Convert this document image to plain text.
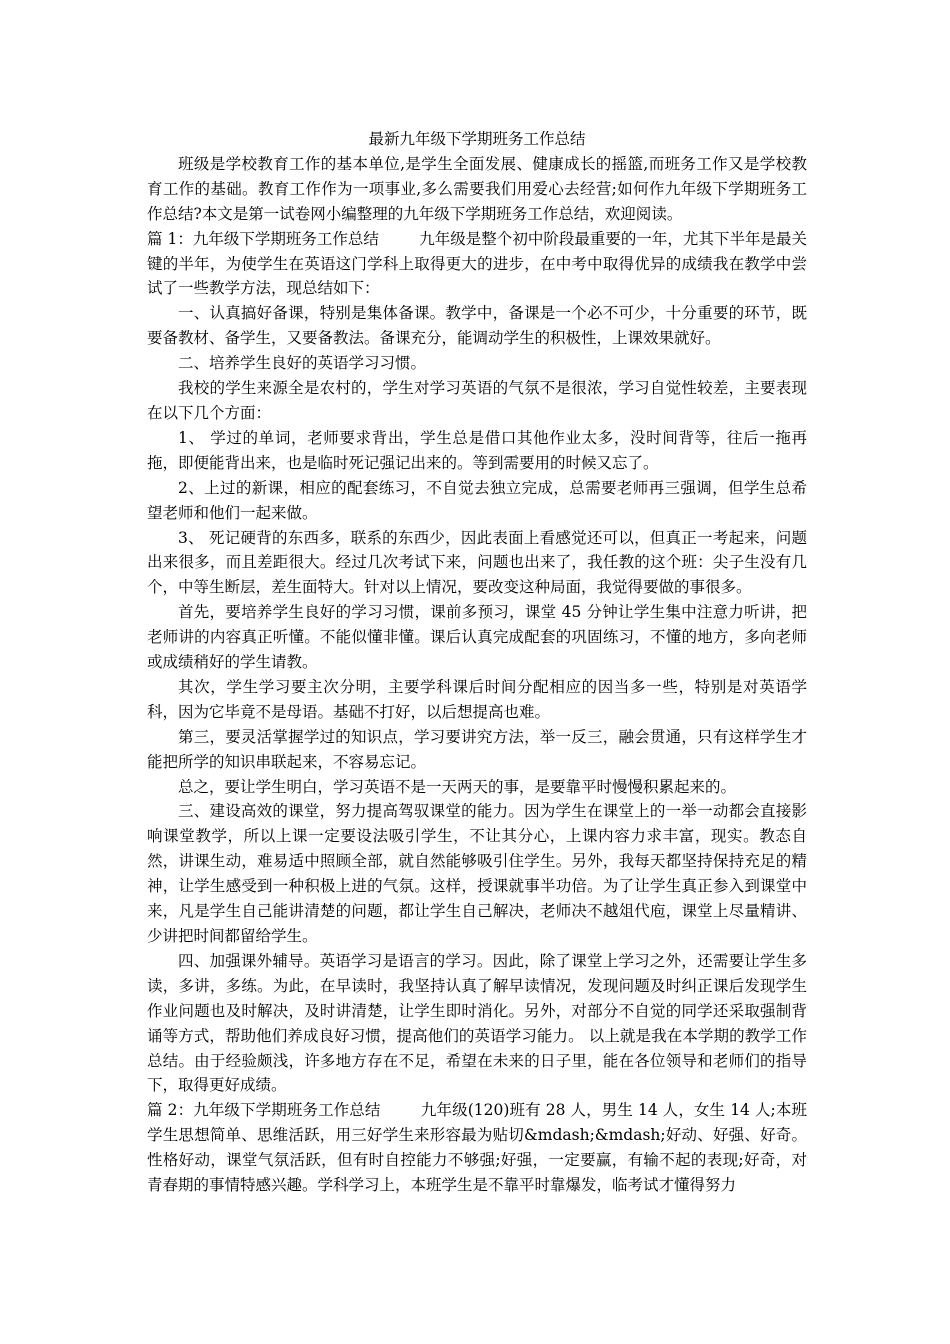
最新九年级下学期班务工作总结

班级是学校教育工作的基本单位,是学生全面发展、健康成长的摇篮,而班务工作又是学校教育工作的基础。教育工作作为一项事业,多么需要我们用爱心去经营;如何作九年级下学期班务工作总结?本文是第一试卷网小编整理的九年级下学期班务工作总结，欢迎阅读。

篇 1：九年级下学期班务工作总结	九年级是整个初中阶段最重要的一年，尤其下半年是最关键的半年，为使学生在英语这门学科上取得更大的进步，在中考中取得优异的成绩我在教学中尝试了一些教学方法，现总结如下：

一、认真搞好备课，特别是集体备课。教学中，备课是一个必不可少，十分重要的环节，既要备教材、备学生，又要备教法。备课充分，能调动学生的积极性，上课效果就好。

二、培养学生良好的英语学习习惯。

我校的学生来源全是农村的，学生对学习英语的气氛不是很浓，学习自觉性较差，主要表现在以下几个方面：

1、 学过的单词，老师要求背出，学生总是借口其他作业太多，没时间背等，往后一拖再拖，即便能背出来，也是临时死记强记出来的。等到需要用的时候又忘了。

2、上过的新课，相应的配套练习，不自觉去独立完成，总需要老师再三强调，但学生总希望老师和他们一起来做。

3、 死记硬背的东西多，联系的东西少，因此表面上看感觉还可以，但真正一考起来，问题出来很多，而且差距很大。经过几次考试下来，问题也出来了，我任教的这个班：尖子生没有几个，中等生断层，差生面特大。针对以上情况，要改变这种局面，我觉得要做的事很多。

首先，要培养学生良好的学习习惯，课前多预习，课堂 45 分钟让学生集中注意力听讲，把老师讲的内容真正听懂。不能似懂非懂。课后认真完成配套的巩固练习，不懂的地方，多向老师或成绩稍好的学生请教。

其次，学生学习要主次分明，主要学科课后时间分配相应的因当多一些，特别是对英语学科，因为它毕竟不是母语。基础不打好，以后想提高也难。

第三，要灵活掌握学过的知识点，学习要讲究方法，举一反三，融会贯通，只有这样学生才能把所学的知识串联起来，不容易忘记。

总之，要让学生明白，学习英语不是一天两天的事，是要靠平时慢慢积累起来的。

三、建设高效的课堂，努力提高驾驭课堂的能力。因为学生在课堂上的一举一动都会直接影响课堂教学，所以上课一定要设法吸引学生，不让其分心，上课内容力求丰富，现实。教态自然，讲课生动，难易适中照顾全部，就自然能够吸引住学生。另外，我每天都坚持保持充足的精神，让学生感受到一种积极上进的气氛。这样，授课就事半功倍。为了让学生真正参入到课堂中来，凡是学生自己能讲清楚的问题，都让学生自己解决，老师决不越俎代庖，课堂上尽量精讲、少讲把时间都留给学生。

四、加强课外辅导。英语学习是语言的学习。因此，除了课堂上学习之外，还需要让学生多读，多讲，多练。为此，在早读时，我坚持认真了解早读情况，发现问题及时纠正课后发现学生作业问题也及时解决，及时讲清楚，让学生即时消化。另外，对部分不自觉的同学还采取强制背诵等方式，帮助他们养成良好习惯，提高他们的英语学习能力。 以上就是我在本学期的教学工作总结。由于经验颇浅，许多地方存在不足，希望在未来的日子里，能在各位领导和老师们的指导下，取得更好成绩。

篇 2：九年级下学期班务工作总结	九年级(120)班有 28 人，男生 14 人，女生 14 人;本班学生思想简单、思维活跃，用三好学生来形容最为贴切&mdash;&mdash;好动、好强、好奇。性格好动，课堂气氛活跃，但有时自控能力不够强;好强，一定要赢，有输不起的表现;好奇，对青春期的事情特感兴趣。学科学习上，本班学生是不靠平时靠爆发，临考试才懂得努力
